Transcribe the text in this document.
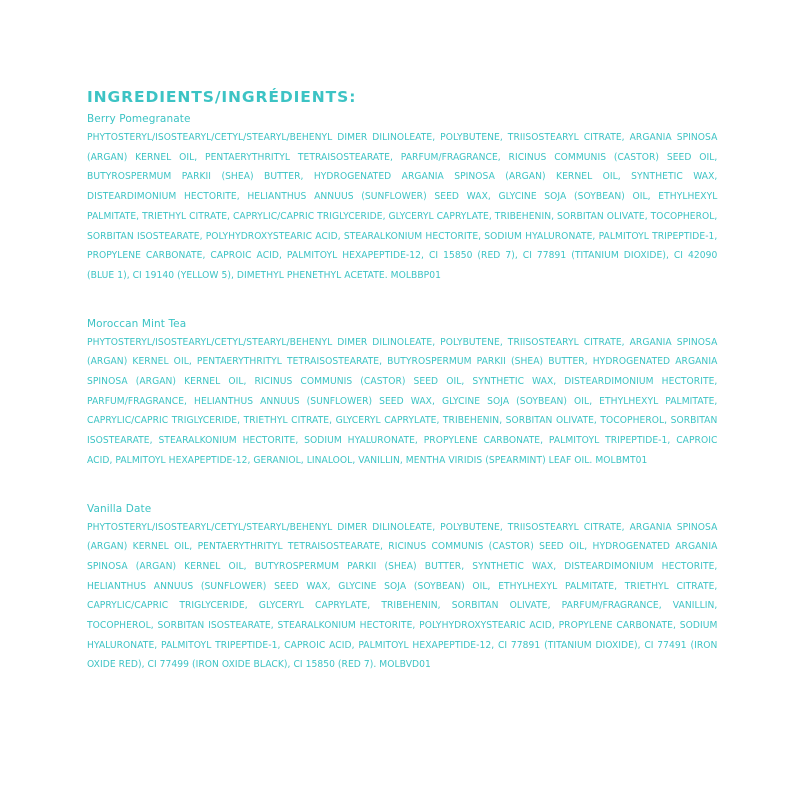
INGREDIENTS/INGRÉDIENTS:

Berry Pomegranate

PHYTOSTERYL/ISOSTEARYL/CETYL/STEARYL/BEHENYL DIMER DILINOLEATE, POLYBUTENE, TRIISOSTEARYL CITRATE, ARGANIA SPINOSA (ARGAN) KERNEL OIL, PENTAERYTHRITYL TETRAISOSTEARATE, PARFUM/FRAGRANCE, RICINUS COMMUNIS (CASTOR) SEED OIL, BUTYROSPERMUM PARKII (SHEA) BUTTER, HYDROGENATED ARGANIA SPINOSA (ARGAN) KERNEL OIL, SYNTHETIC WAX, DISTEARDIMONIUM HECTORITE, HELIANTHUS ANNUUS (SUNFLOWER) SEED WAX, GLYCINE SOJA (SOYBEAN) OIL, ETHYLHEXYL PALMITATE, TRIETHYL CITRATE, CAPRYLIC/CAPRIC TRIGLYCERIDE, GLYCERYL CAPRYLATE, TRIBEHENIN, SORBITAN OLIVATE, TOCOPHEROL, SORBITAN ISOSTEARATE, POLYHYDROXYSTEARIC ACID, STEARALKONIUM HECTORITE, SODIUM HYALURONATE, PALMITOYL TRIPEPTIDE-1, PROPYLENE CARBONATE, CAPROIC ACID, PALMITOYL HEXAPEPTIDE-12, CI 15850 (RED 7), CI 77891 (TITANIUM DIOXIDE), CI 42090 (BLUE 1), CI 19140 (YELLOW 5), DIMETHYL PHENETHYL ACETATE. MOLBBP01

Moroccan Mint Tea

PHYTOSTERYL/ISOSTEARYL/CETYL/STEARYL/BEHENYL DIMER DILINOLEATE, POLYBUTENE, TRIISOSTEARYL CITRATE, ARGANIA SPINOSA (ARGAN) KERNEL OIL, PENTAERYTHRITYL TETRAISOSTEARATE, BUTYROSPERMUM PARKII (SHEA) BUTTER, HYDROGENATED ARGANIA SPINOSA (ARGAN) KERNEL OIL, RICINUS COMMUNIS (CASTOR) SEED OIL, SYNTHETIC WAX, DISTEARDIMONIUM HECTORITE, PARFUM/FRAGRANCE, HELIANTHUS ANNUUS (SUNFLOWER) SEED WAX, GLYCINE SOJA (SOYBEAN) OIL, ETHYLHEXYL PALMITATE, CAPRYLIC/CAPRIC TRIGLYCERIDE, TRIETHYL CITRATE, GLYCERYL CAPRYLATE, TRIBEHENIN, SORBITAN OLIVATE, TOCOPHEROL, SORBITAN ISOSTEARATE, STEARALKONIUM HECTORITE, SODIUM HYALURONATE, PROPYLENE CARBONATE, PALMITOYL TRIPEPTIDE-1, CAPROIC ACID, PALMITOYL HEXAPEPTIDE-12, GERANIOL, LINALOOL, VANILLIN, MENTHA VIRIDIS (SPEARMINT) LEAF OIL. MOLBMT01

Vanilla Date

PHYTOSTERYL/ISOSTEARYL/CETYL/STEARYL/BEHENYL DIMER DILINOLEATE, POLYBUTENE, TRIISOSTEARYL CITRATE, ARGANIA SPINOSA (ARGAN) KERNEL OIL, PENTAERYTHRITYL TETRAISOSTEARATE, RICINUS COMMUNIS (CASTOR) SEED OIL, HYDROGENATED ARGANIA SPINOSA (ARGAN) KERNEL OIL, BUTYROSPERMUM PARKII (SHEA) BUTTER, SYNTHETIC WAX, DISTEARDIMONIUM HECTORITE, HELIANTHUS ANNUUS (SUNFLOWER) SEED WAX, GLYCINE SOJA (SOYBEAN) OIL, ETHYLHEXYL PALMITATE, TRIETHYL CITRATE, CAPRYLIC/CAPRIC TRIGLYCERIDE, GLYCERYL CAPRYLATE, TRIBEHENIN, SORBITAN OLIVATE, PARFUM/FRAGRANCE, VANILLIN, TOCOPHEROL, SORBITAN ISOSTEARATE, STEARALKONIUM HECTORITE, POLYHYDROXYSTEARIC ACID, PROPYLENE CARBONATE, SODIUM HYALURONATE, PALMITOYL TRIPEPTIDE-1, CAPROIC ACID, PALMITOYL HEXAPEPTIDE-12, CI 77891 (TITANIUM DIOXIDE), CI 77491 (IRON OXIDE RED), CI 77499 (IRON OXIDE BLACK), CI 15850 (RED 7). MOLBVD01
